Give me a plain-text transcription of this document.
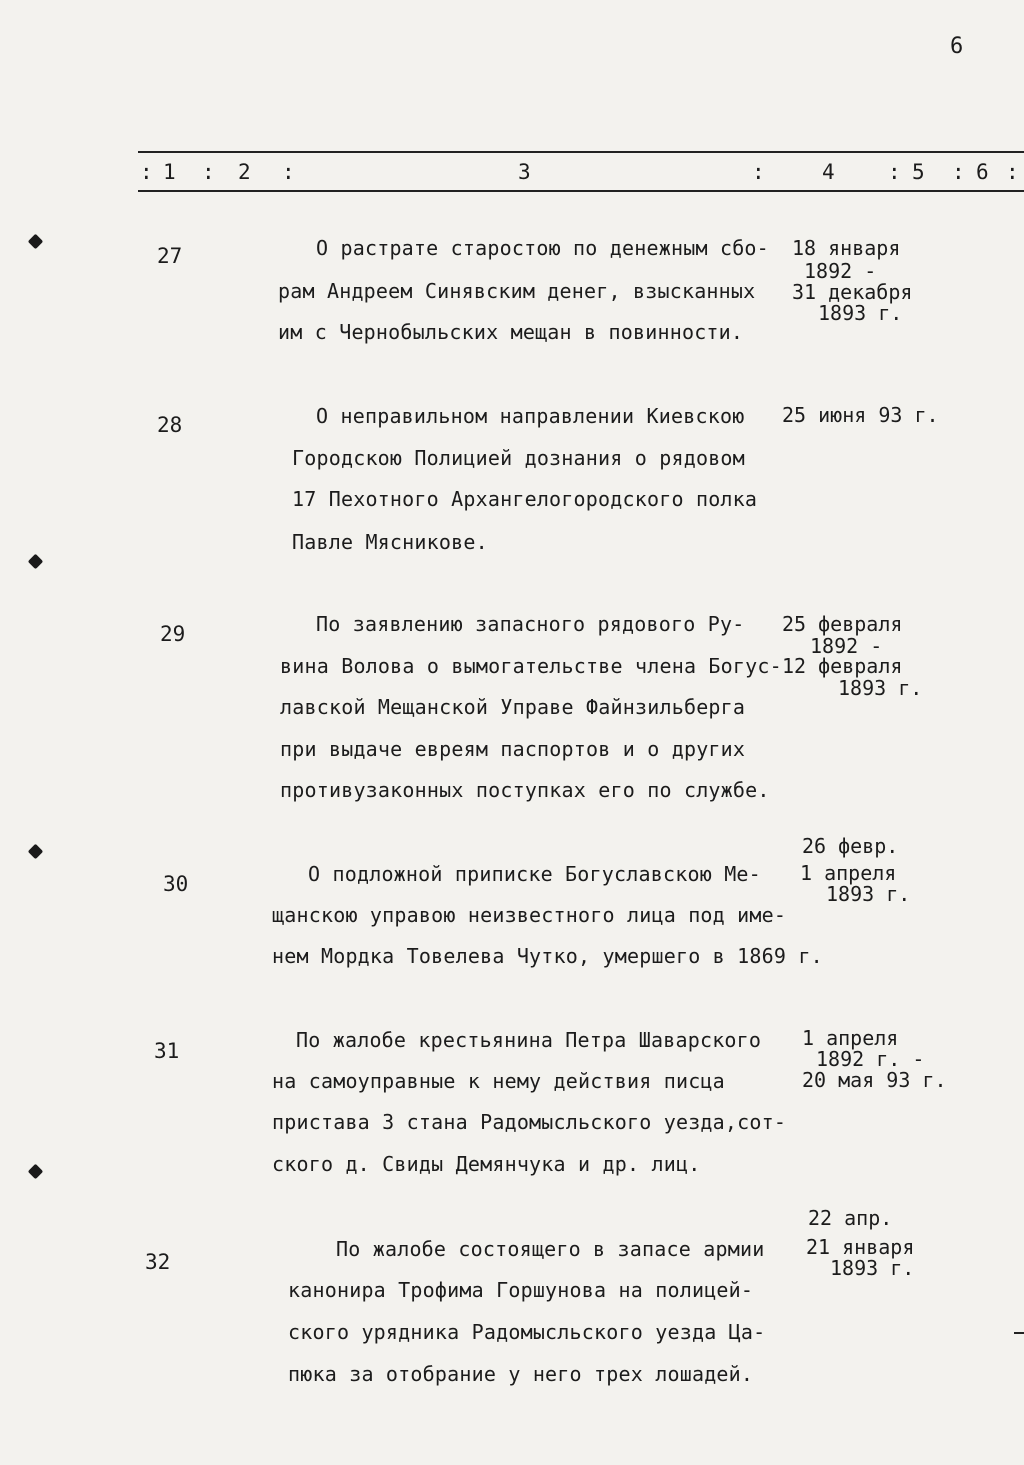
6
: 1 : 2 :	3	:	4	: 5 : 6 :
27	О растрате старостою по денежным сбо-
рам Андреем Синявским денег, взысканных
им с Чернобыльских мещан в повинности.
18 января
1892 -
31 декабря
1893 г.
28	О неправильном направлении Киевскою
Городскою Полицией дознания о рядовом
17 Пехотного Архангелогородского полка
Павле Мясникове.
25 июня 93 г.
29	По заявлению запасного рядового Ру-
вина Волова о вымогательстве члена Богус-
лавской Мещанской Управе Файнзильберга
при выдаче евреям паспортов и о других
противузаконных поступках его по службе.
25 февраля
1892 -
12 февраля
1893 г.
30	О подложной приписке Богуславскою Ме-
щанскою управою неизвестного лица под име-
нем Мордка Товелева Чутко, умершего в 1869 г.
26 февр.
1 апреля
1893 г.
31	По жалобе крестьянина Петра Шаварского
на самоуправные к нему действия писца
пристава 3 стана Радомысльского уезда,сот-
ского д. Свиды Демянчука и др. лиц.
1 апреля
1892 г. -
20 мая 93 г.
32
По жалобе состоящего в запасе армии
канонира Трофима Горшунова на полицей-
ского урядника Радомысльского уезда Ца-
пюка за отобрание у него трех лошадей.
22 апр.
21 января
1893 г.
